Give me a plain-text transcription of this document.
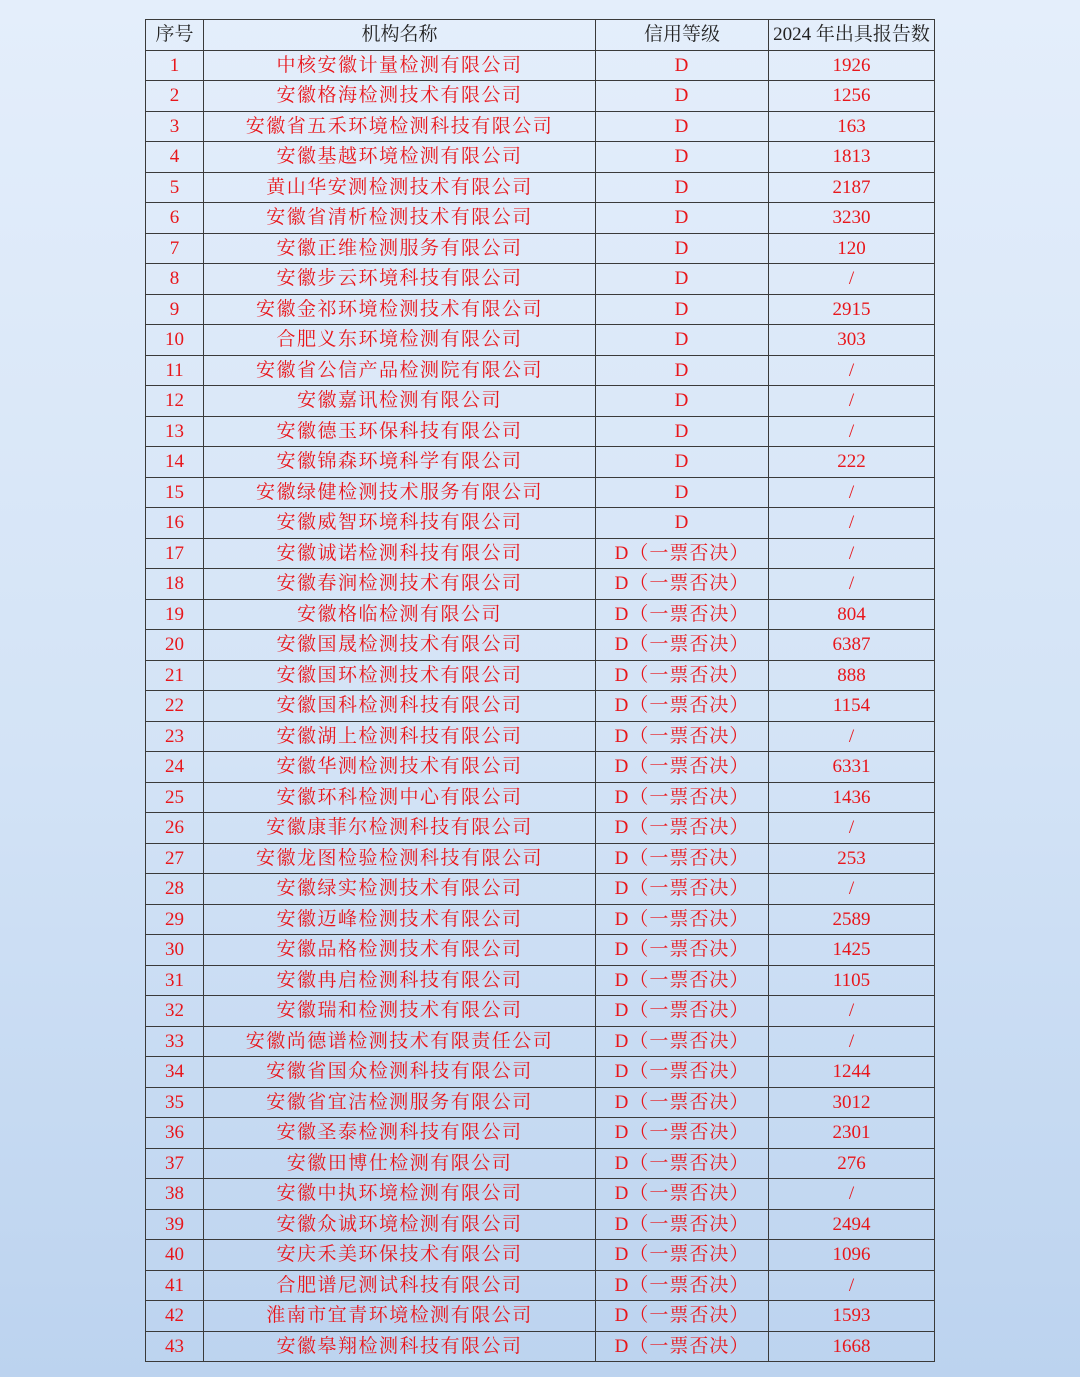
序号	机构名称	信用等级	2024 年出具报告数
1	中核安徽计量检测有限公司	D	1926
2	安徽格海检测技术有限公司	D	1256
3	安徽省五禾环境检测科技有限公司	D	163
4	安徽基越环境检测有限公司	D	1813
5	黄山华安测检测技术有限公司	D	2187
6	安徽省清析检测技术有限公司	D	3230
7	安徽正维检测服务有限公司	D	120
8	安徽步云环境科技有限公司	D	/
9	安徽金祁环境检测技术有限公司	D	2915
10	合肥义东环境检测有限公司	D	303
11	安徽省公信产品检测院有限公司	D	/
12	安徽嘉讯检测有限公司	D	/
13	安徽德玉环保科技有限公司	D	/
14	安徽锦森环境科学有限公司	D	222
15	安徽绿健检测技术服务有限公司	D	/
16	安徽威智环境科技有限公司	D	/
17	安徽诚诺检测科技有限公司	D（一票否决）	/
18	安徽春涧检测技术有限公司	D（一票否决）	/
19	安徽格临检测有限公司	D（一票否决）	804
20	安徽国晟检测技术有限公司	D（一票否决）	6387
21	安徽国环检测技术有限公司	D（一票否决）	888
22	安徽国科检测科技有限公司	D（一票否决）	1154
23	安徽湖上检测科技有限公司	D（一票否决）	/
24	安徽华测检测技术有限公司	D（一票否决）	6331
25	安徽环科检测中心有限公司	D（一票否决）	1436
26	安徽康菲尔检测科技有限公司	D（一票否决）	/
27	安徽龙图检验检测科技有限公司	D（一票否决）	253
28	安徽绿实检测技术有限公司	D（一票否决）	/
29	安徽迈峰检测技术有限公司	D（一票否决）	2589
30	安徽品格检测技术有限公司	D（一票否决）	1425
31	安徽冉启检测科技有限公司	D（一票否决）	1105
32	安徽瑞和检测技术有限公司	D（一票否决）	/
33	安徽尚德谱检测技术有限责任公司	D（一票否决）	/
34	安徽省国众检测科技有限公司	D（一票否决）	1244
35	安徽省宜洁检测服务有限公司	D（一票否决）	3012
36	安徽圣泰检测科技有限公司	D（一票否决）	2301
37	安徽田博仕检测有限公司	D（一票否决）	276
38	安徽中执环境检测有限公司	D（一票否决）	/
39	安徽众诚环境检测有限公司	D（一票否决）	2494
40	安庆禾美环保技术有限公司	D（一票否决）	1096
41	合肥谱尼测试科技有限公司	D（一票否决）	/
42	淮南市宜青环境检测有限公司	D（一票否决）	1593
43	安徽皋翔检测科技有限公司	D（一票否决）	1668
